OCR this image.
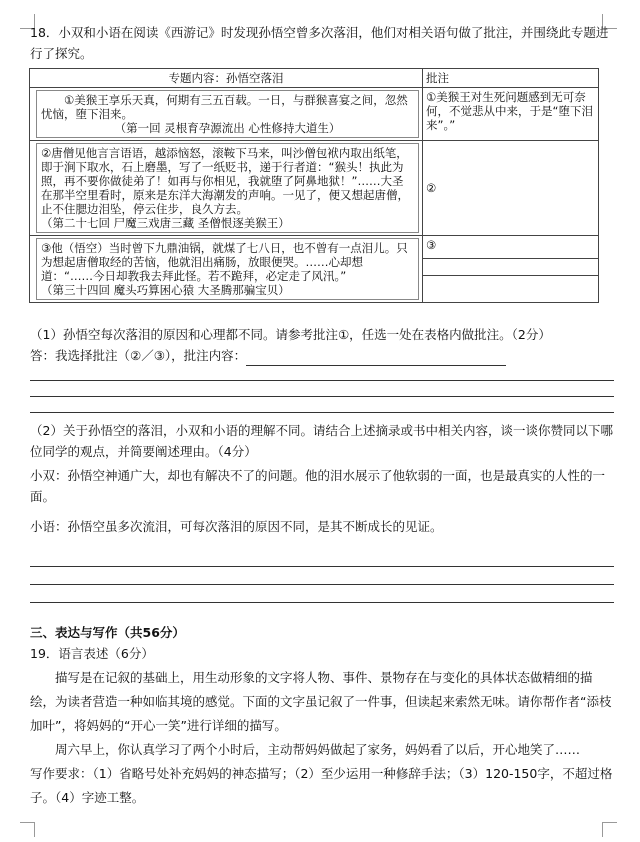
18．小双和小语在阅读《西游记》时发现孙悟空曾多次落泪，他们对相关语句做了批注，并围绕此专题进行了探究。
专题内容：孙悟空落泪	批注

①美猴王享乐天真，何期有三五百载。一日，与群猴喜宴之间，忽然忧恼，堕下泪来。
（第一回 灵根育孕源流出 心性修持大道生）	①美猴王对生死问题感到无可奈何，不觉悲从中来，于是“堕下泪来”。”

②唐僧见他言言语语，越添恼怒，滚鞍下马来，叫沙僧包袱内取出纸笔，即于涧下取水，石上磨墨，写了一纸贬书，递于行者道：“猴头！执此为照，再不要你做徒弟了！如再与你相见，我就堕了阿鼻地狱！”……大圣在那半空里看时，原来是东洋大海潮发的声响。一见了，便又想起唐僧，止不住腮边泪坠，停云住步，良久方去。
（第二十七回 尸魔三戏唐三藏 圣僧恨逐美猴王）	②

③他（悟空）当时曾下九鼎油锅，就煤了七八日，也不曾有一点泪儿。只为想起唐僧取经的苦恼，他就泪出痛肠，放眼便哭。……心却想道：“……今日却教我去拜此怪。若不跪拜，必定走了风汛。”
（第三十四回 魔头巧算困心猿 大圣腾那骗宝贝）	③
（1）孙悟空每次落泪的原因和心理都不同。请参考批注①，任选一处在表格内做批注。（2分）
答：我选择批注（②／③），批注内容：
（2）关于孙悟空的落泪，小双和小语的理解不同。请结合上述摘录或书中相关内容，谈一谈你赞同以下哪位同学的观点，并简要阐述理由。（4分）
小双：孙悟空神通广大，却也有解决不了的问题。他的泪水展示了他软弱的一面，也是最真实的人性的一面。
小语：孙悟空虽多次流泪，可每次落泪的原因不同，是其不断成长的见证。
三、表达与写作（共56分）
19．语言表述（6分）
描写是在记叙的基础上，用生动形象的文字将人物、事件、景物存在与变化的具体状态做精细的描绘，为读者营造一种如临其境的感觉。下面的文字虽记叙了一件事，但读起来索然无味。请你帮作者“添枝加叶”，将妈妈的“开心一笑”进行详细的描写。
周六早上，你认真学习了两个小时后，主动帮妈妈做起了家务，妈妈看了以后，开心地笑了……
写作要求：（1）省略号处补充妈妈的神态描写；（2）至少运用一种修辞手法；（3）120-150字，不超过格子。（4）字迹工整。
